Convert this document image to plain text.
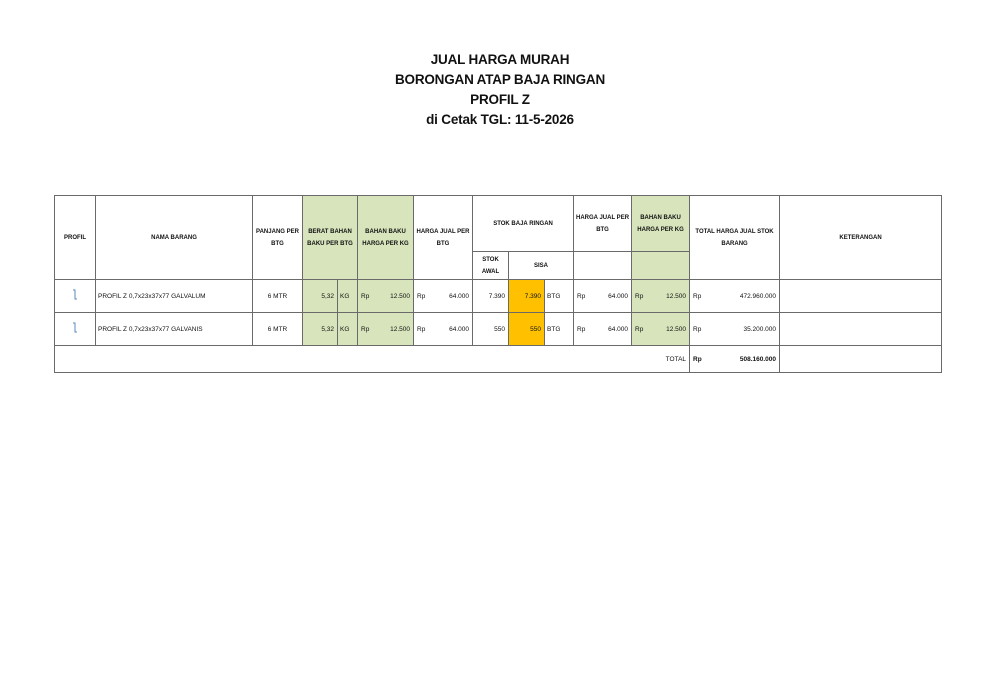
JUAL HARGA MURAH
BORONGAN ATAP BAJA RINGAN
PROFIL Z
di Cetak TGL: 11-5-2026
PROFIL	NAMA BARANG	PANJANG PER BTG	BERAT BAHAN BAKU PER BTG		BAHAN BAKU HARGA PER KG	HARGA JUAL PER BTG	STOK BAJA RINGAN			HARGA JUAL PER BTG	BAHAN BAKU HARGA PER KG	TOTAL HARGA JUAL STOK BARANG	KETERANGAN
							STOK AWAL	SISA					
	PROFIL Z 0,7x23x37x77 GALVALUM	6 MTR	5,32	KG	Rp 12.500	Rp 64.000	7.390	7.390	BTG	Rp 64.000	Rp 12.500	Rp 472.960.000	

	PROFIL Z 0,7x23x37x77 GALVANIS	6 MTR	5,32	KG	Rp 12.500	Rp 64.000	550	550	BTG	Rp 64.000	Rp 12.500	Rp 35.200.000	

TOTAL												Rp 508.160.000	
